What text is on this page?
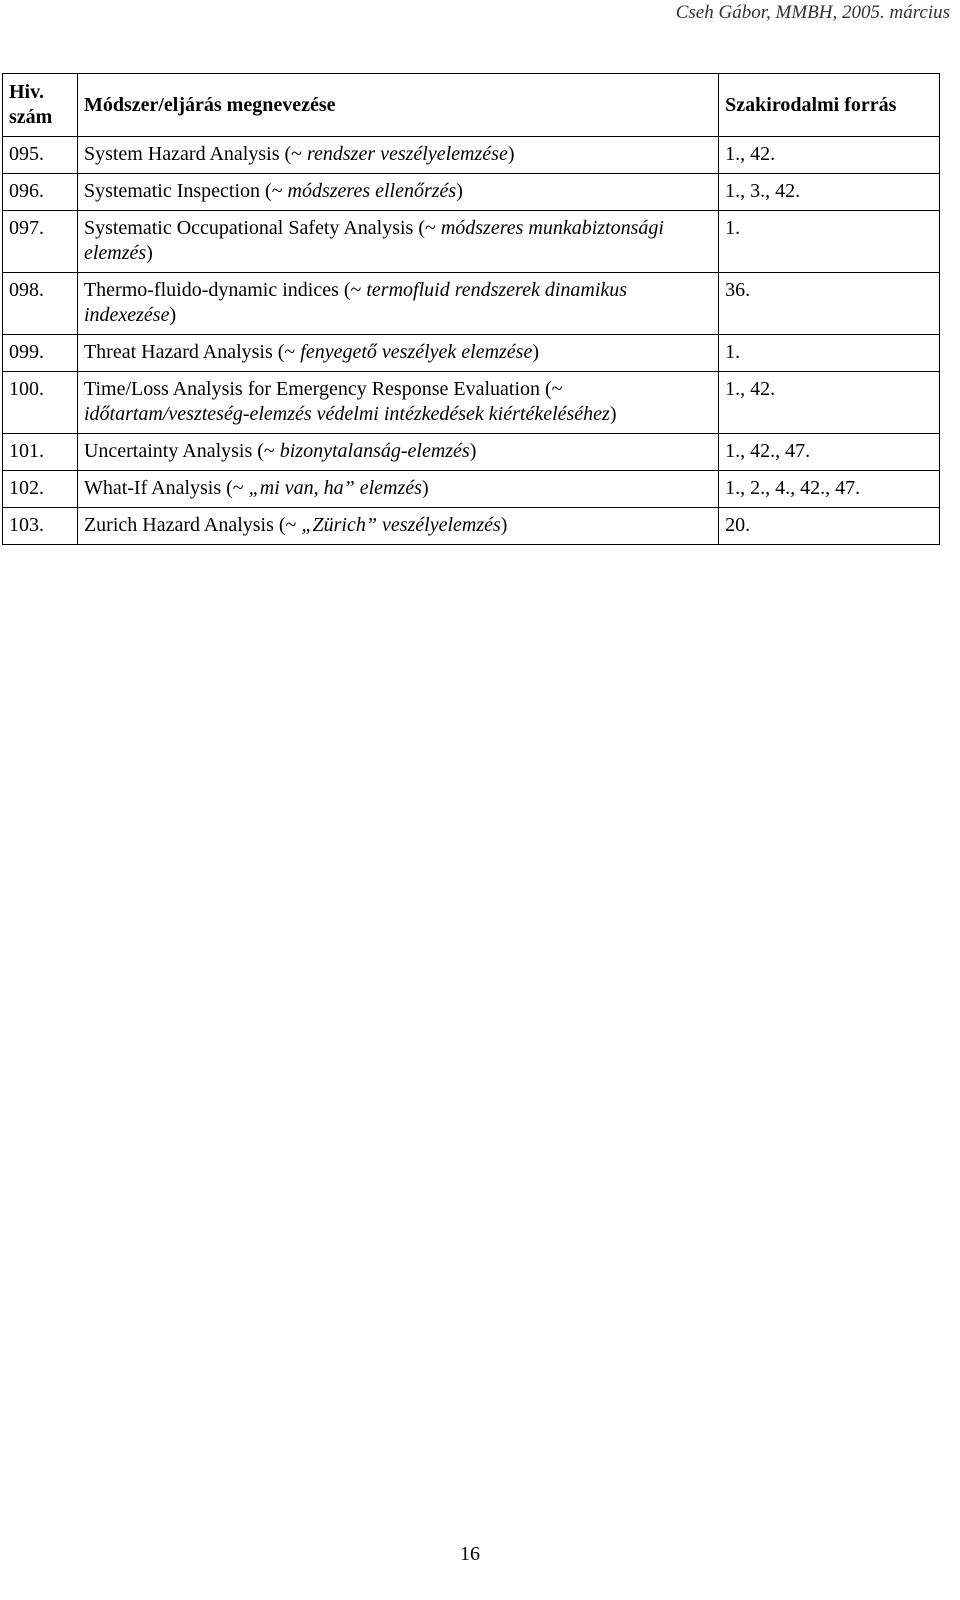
Cseh Gábor, MMBH, 2005. március
Hiv. szám	Módszer/eljárás megnevezése	Szakirodalmi forrás
095.	System Hazard Analysis (~ rendszer veszélyelemzése)	1., 42.
096.	Systematic Inspection (~ módszeres ellenőrzés)	1., 3., 42.
097.	Systematic Occupational Safety Analysis (~ módszeres munkabiztonsági elemzés)	1.
098.	Thermo-fluido-dynamic indices (~ termofluid rendszerek dinamikus indexezése)	36.
099.	Threat Hazard Analysis (~ fenyegető veszélyek elemzése)	1.
100.	Time/Loss Analysis for Emergency Response Evaluation (~ időtartam/veszteség-elemzés védelmi intézkedések kiértékeléséhez)	1., 42.
101.	Uncertainty Analysis (~ bizonytalanság-elemzés)	1., 42., 47.
102.	What-If Analysis (~ „mi van, ha” elemzés)	1., 2., 4., 42., 47.
103.	Zurich Hazard Analysis (~ „Zürich” veszélyelemzés)	20.
16
